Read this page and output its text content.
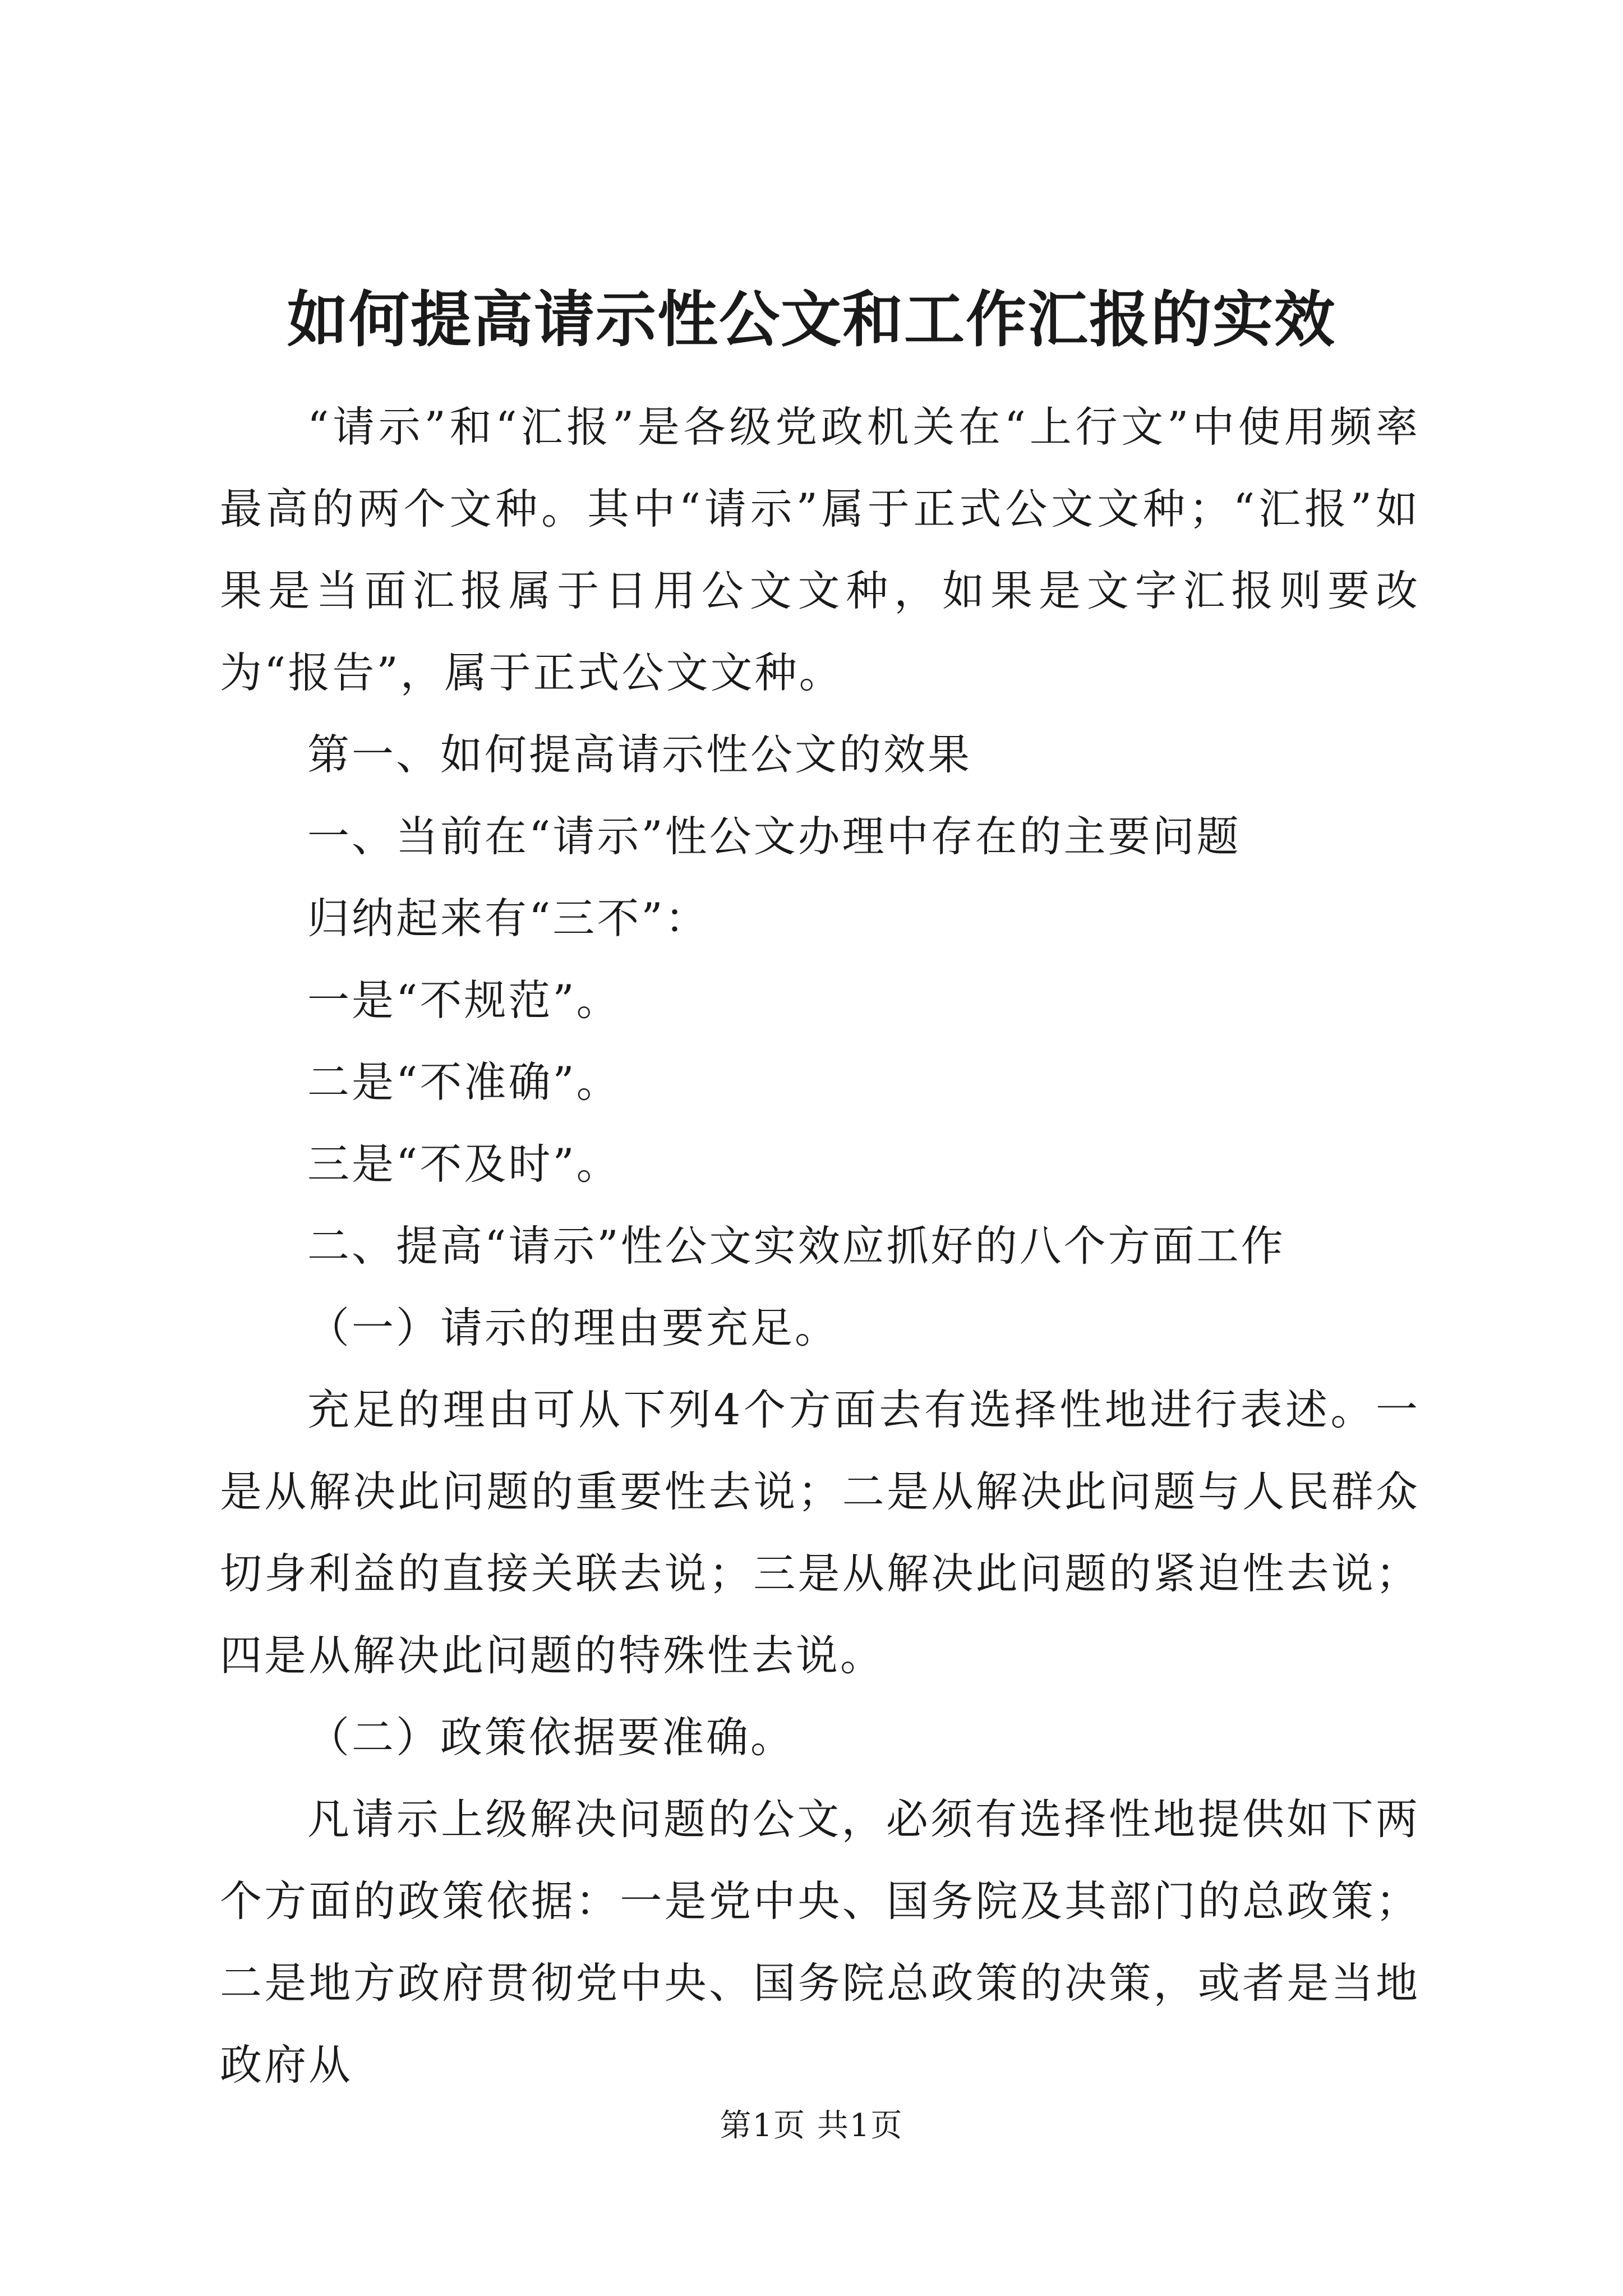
如何提高请示性公文和工作汇报的实效

“请示”和“汇报”是各级党政机关在“上行文”中使用频率最高的两个文种。其中“请示”属于正式公文文种；“汇报”如果是当面汇报属于日用公文文种，如果是文字汇报则要改为“报告”，属于正式公文文种。

第一、如何提高请示性公文的效果

一、当前在“请示”性公文办理中存在的主要问题

归纳起来有“三不”：

一是“不规范”。

二是“不准确”。

三是“不及时”。

二、提高“请示”性公文实效应抓好的八个方面工作

（一）请示的理由要充足。

充足的理由可从下列4个方面去有选择性地进行表述。一是从解决此问题的重要性去说；二是从解决此问题与人民群众切身利益的直接关联去说；三是从解决此问题的紧迫性去说；四是从解决此问题的特殊性去说。

（二）政策依据要准确。

凡请示上级解决问题的公文，必须有选择性地提供如下两个方面的政策依据：一是党中央、国务院及其部门的总政策；二是地方政府贯彻党中央、国务院总政策的决策，或者是当地政府从

第1页 共1页
